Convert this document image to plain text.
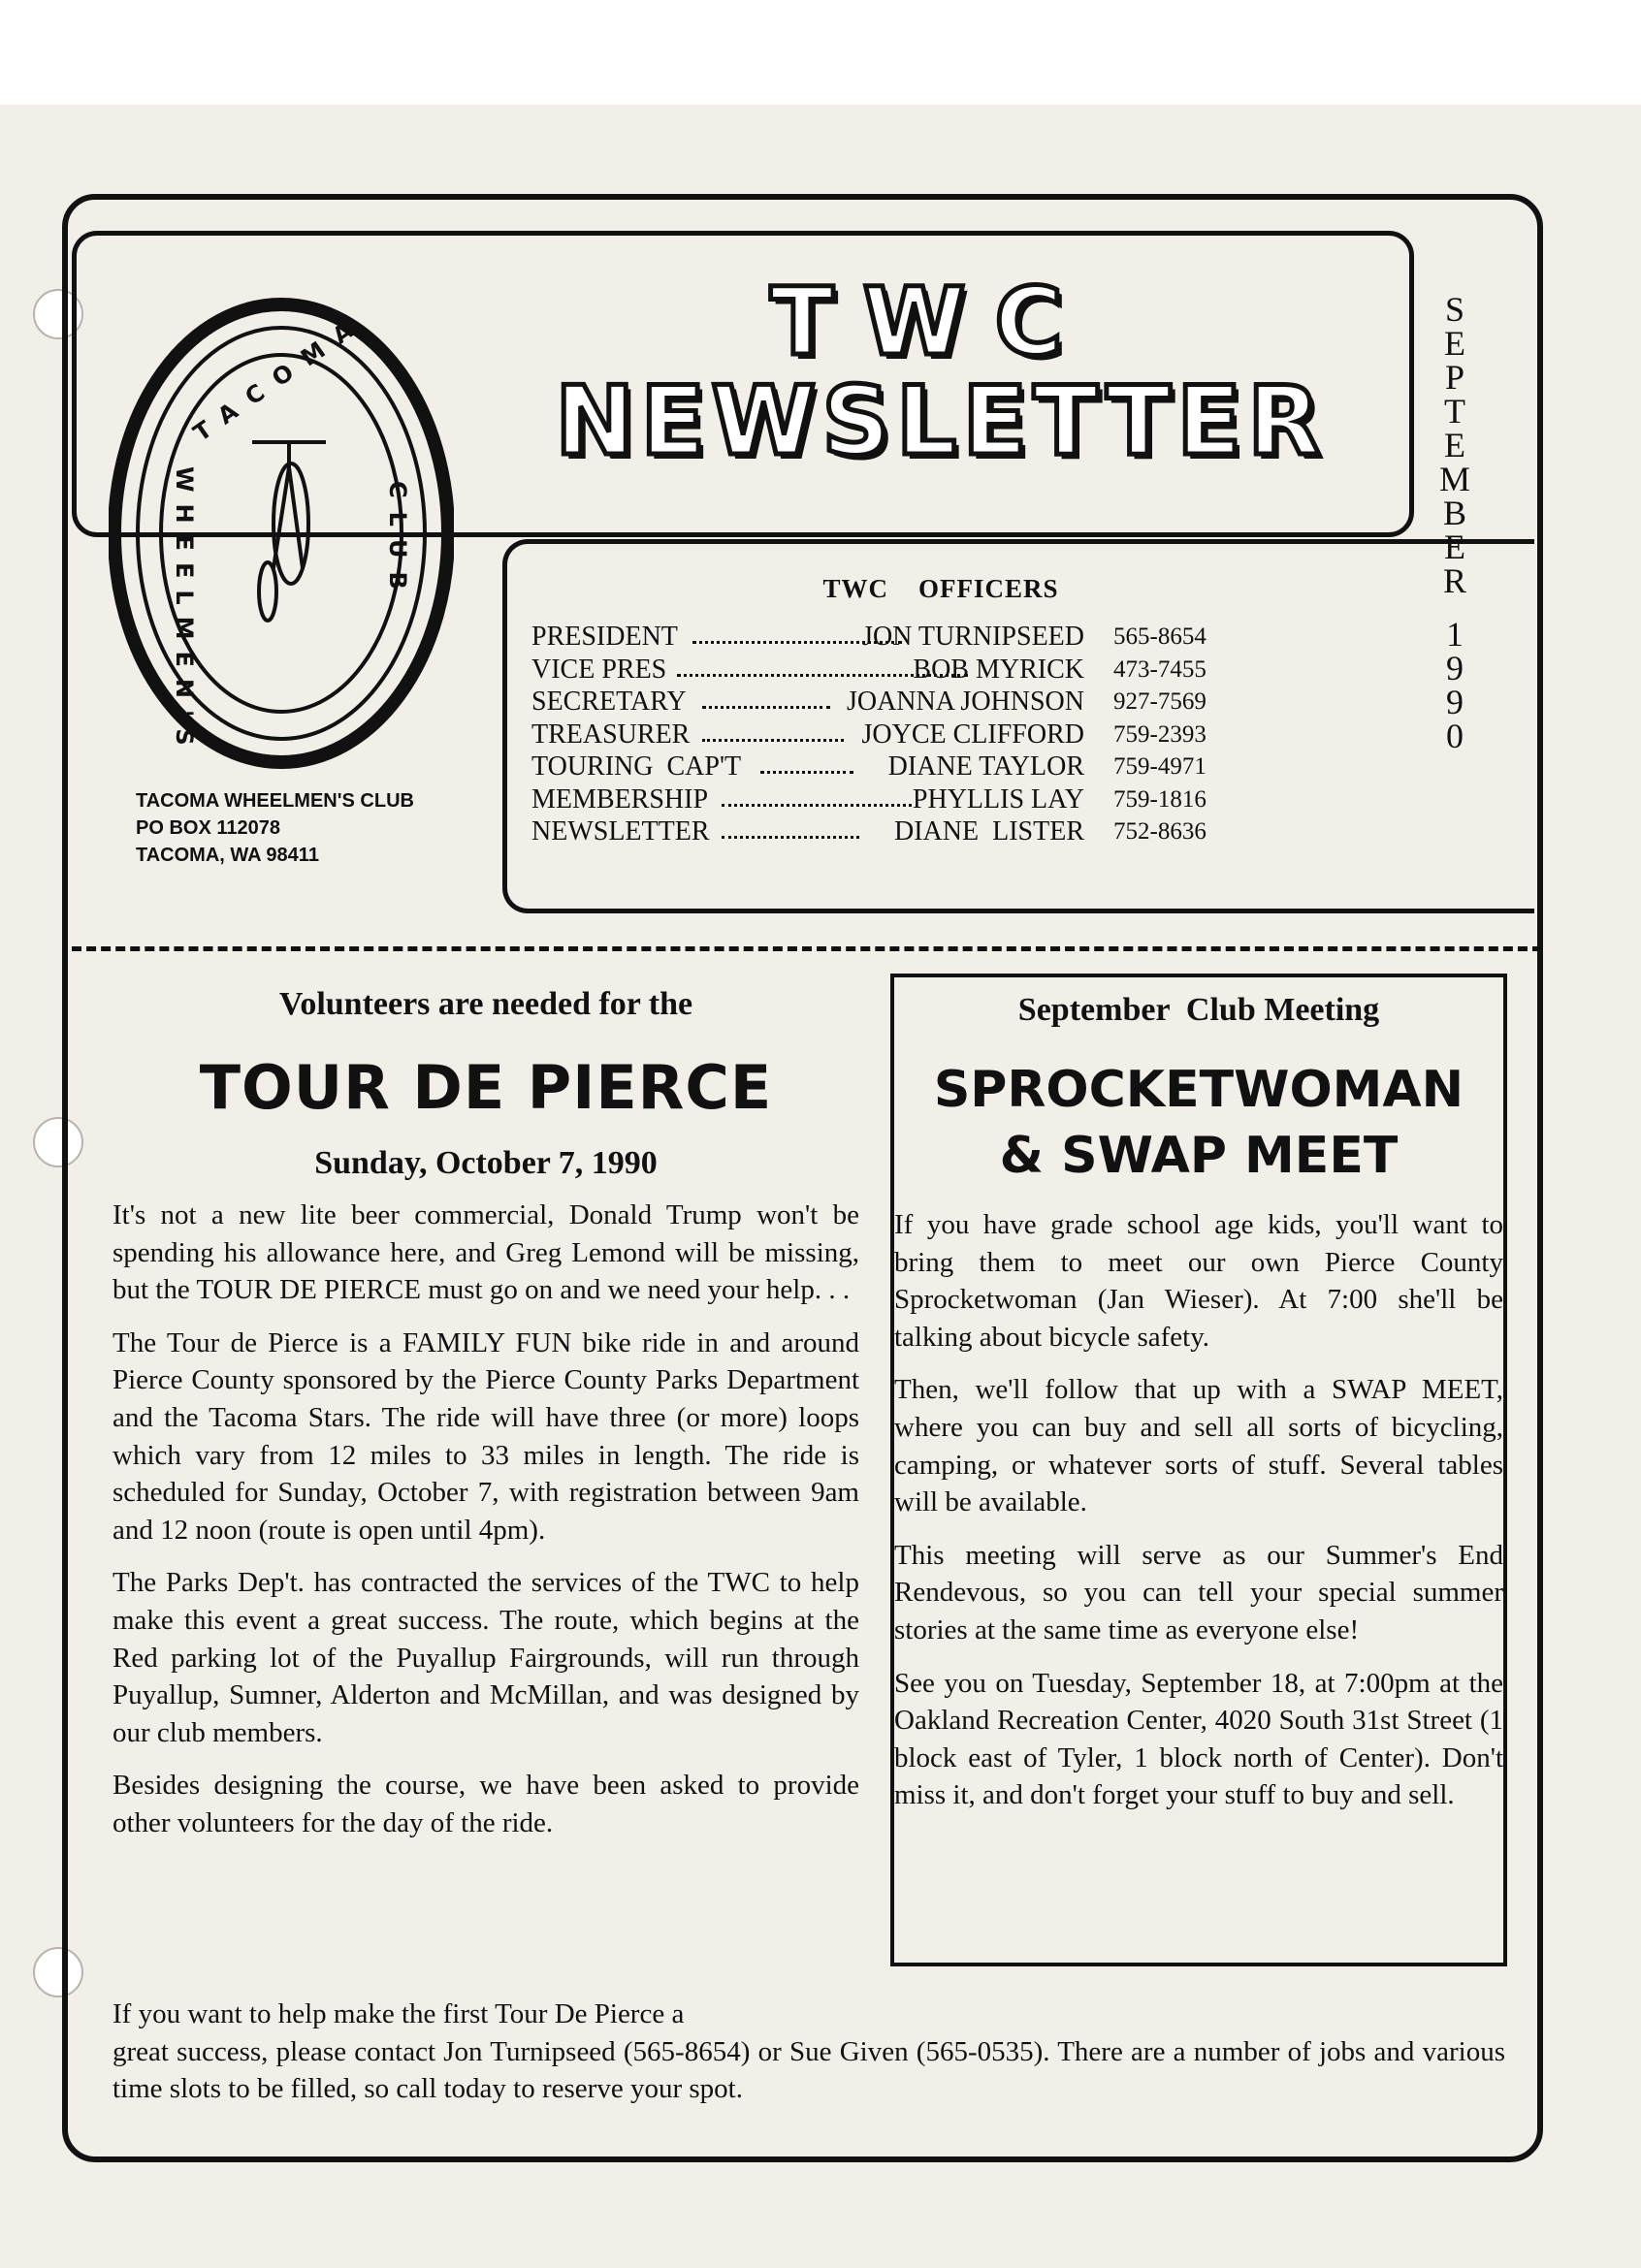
TACOMA
WHEELMEN'S	CLUB
TACOMA WHEELMEN'S CLUB
PO BOX 112078
TACOMA, WA 98411
TWC
NEWSLETTER
S
E
P
T
E
M
B
E
R
1
9
9
0
TWC    OFFICERS
PRESIDENT	JON TURNIPSEED 565-8654
VICE PRES	BOB MYRICK 473-7455
SECRETARY	JOANNA JOHNSON 927-7569
TREASURER	JOYCE CLIFFORD 759-2393
TOURING  CAP'T	DIANE TAYLOR 759-4971
MEMBERSHIP	PHYLLIS LAY 759-1816
NEWSLETTER	DIANE  LISTER 752-8636
Volunteers are needed for the
TOUR DE PIERCE
Sunday, October 7, 1990

It's not a new lite beer commercial, Donald Trump won't be spending his allowance here, and Greg Lemond will be missing, but the TOUR DE PIERCE must go on and we need your help. . .

The Tour de Pierce is a FAMILY FUN bike ride in and around Pierce County sponsored by the Pierce County Parks Department and the Tacoma Stars. The ride will have three (or more) loops which vary from 12 miles to 33 miles in length. The ride is scheduled for Sunday, October 7, with registration between 9am and 12 noon (route is open until 4pm).

The Parks Dep't. has contracted the services of the TWC to help make this event a great success. The route, which begins at the Red parking lot of the Puyallup Fairgrounds, will run through Puyallup, Sumner, Alderton and McMillan, and was designed by our club members.

Besides designing the course, we have been asked to provide other volunteers for the day of the ride.

If you want to help make the first Tour De Pierce a
great success, please contact Jon Turnipseed (565-8654) or Sue Given (565-0535). There are a number of jobs and various time slots to be filled, so call today to reserve your spot.
September  Club Meeting
SPROCKETWOMAN
& SWAP MEET

If you have grade school age kids, you'll want to bring them to meet our own Pierce County Sprocketwoman (Jan Wieser). At 7:00 she'll be talking about bicycle safety.

Then, we'll follow that up with a SWAP MEET, where you can buy and sell all sorts of bicycling, camping, or whatever sorts of stuff. Several tables will be available.

This meeting will serve as our Summer's End Rendevous, so you can tell your special summer stories at the same time as everyone else!

See you on Tuesday, September 18, at 7:00pm at the Oakland Recreation Center, 4020 South 31st Street (1 block east of Tyler, 1 block north of Center). Don't miss it, and don't forget your stuff to buy and sell.
